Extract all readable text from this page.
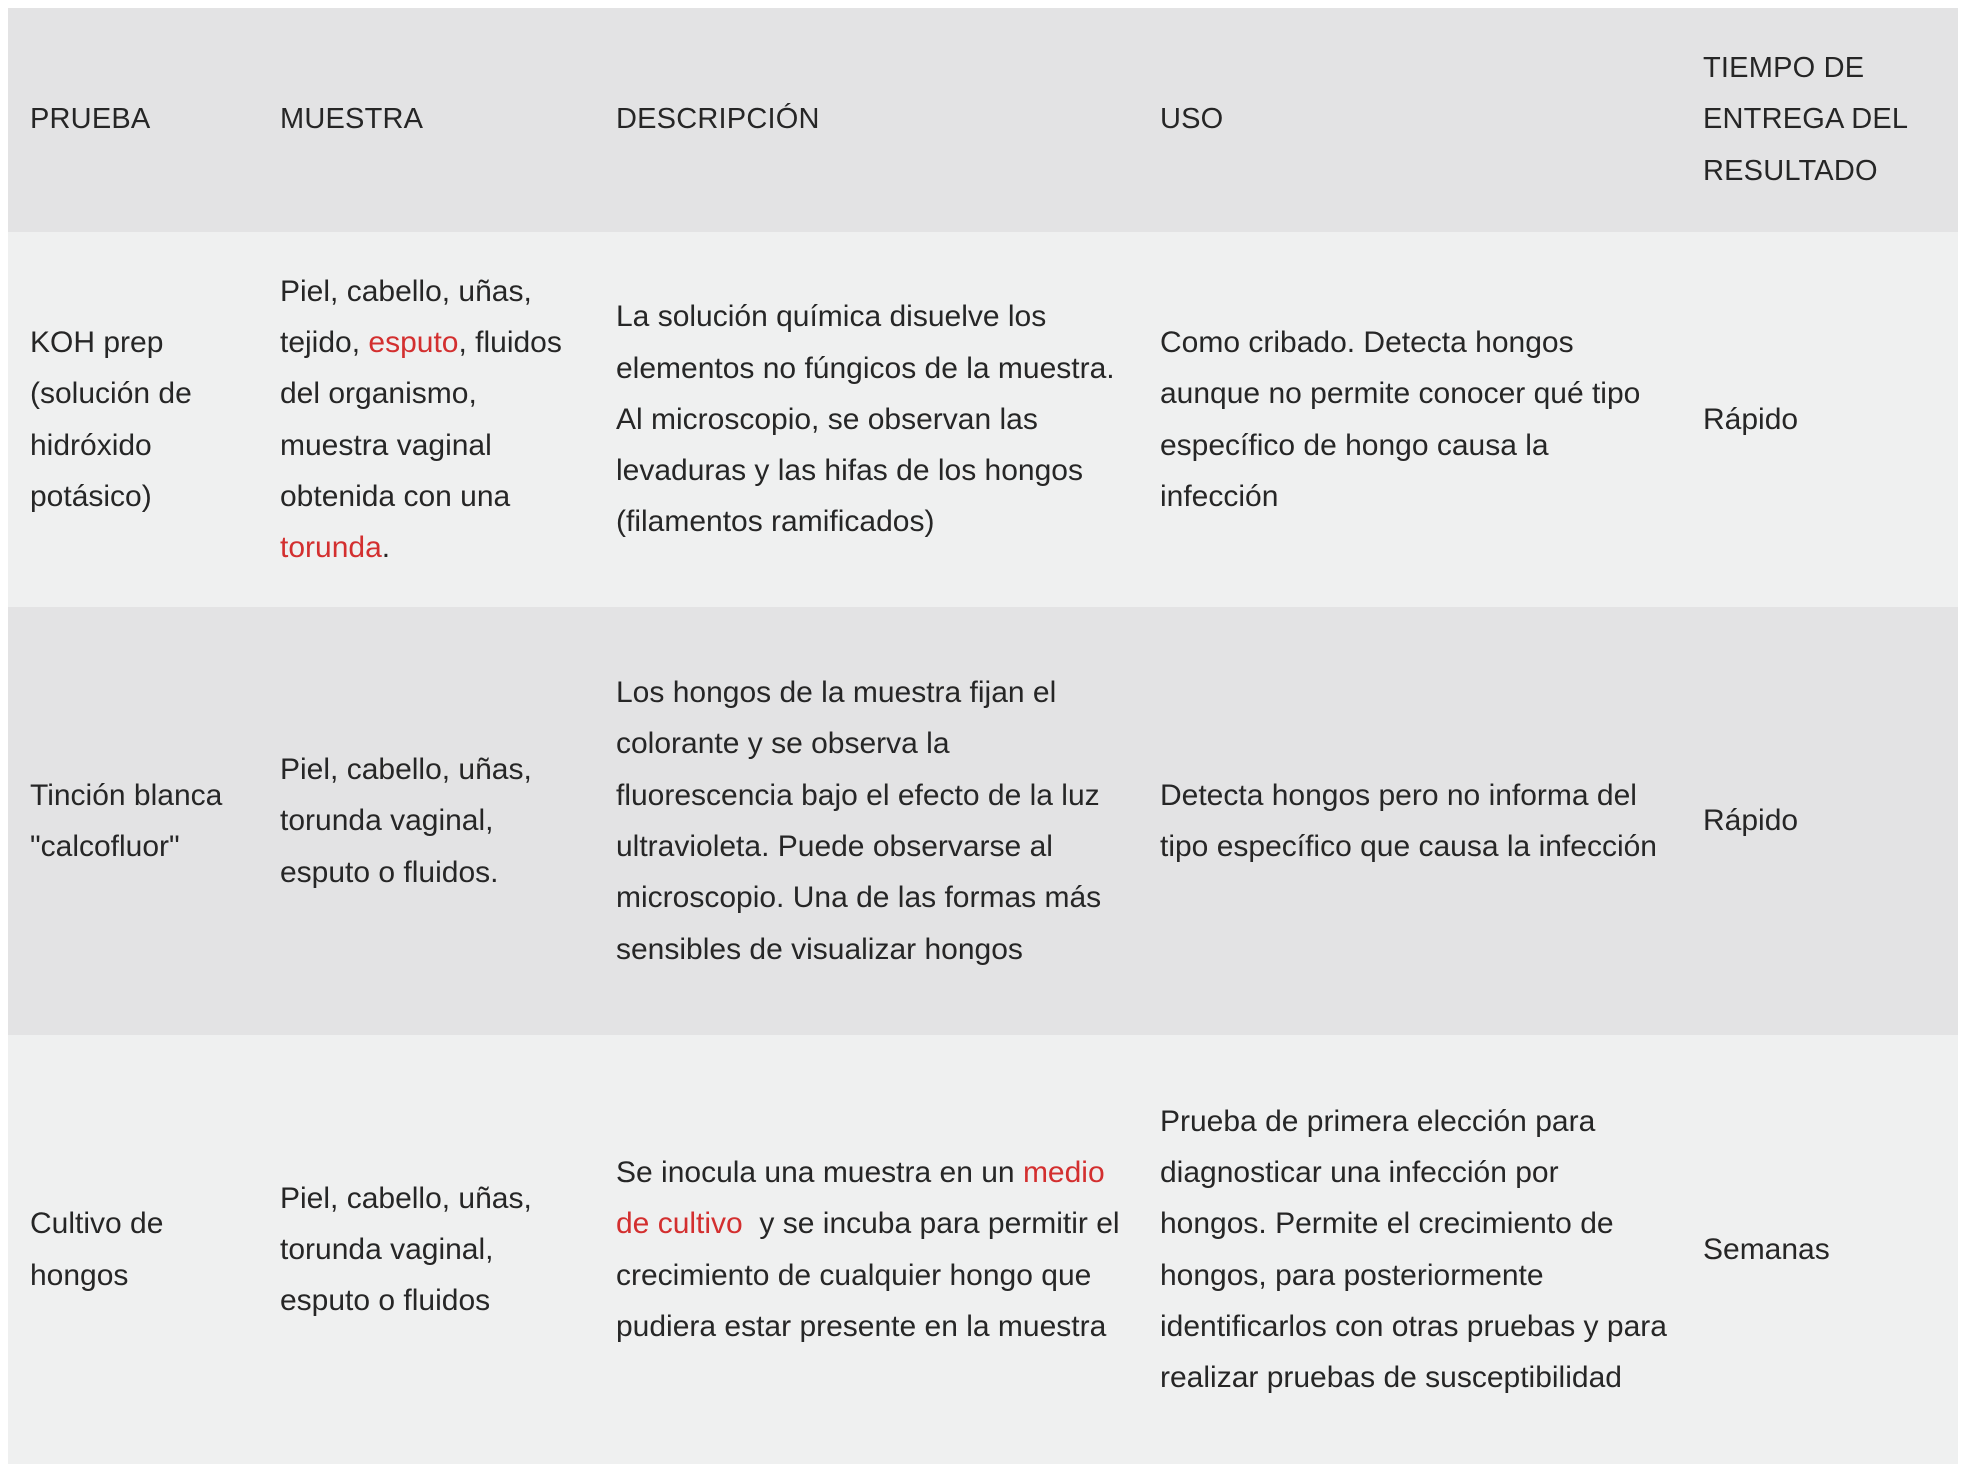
PRUEBA	MUESTRA	DESCRIPCIÓN	USO	TIEMPO DE ENTREGA DEL RESULTADO
KOH prep (solución de hidróxido potásico)	Piel, cabello, uñas, tejido, esputo, fluidos del organismo, muestra vaginal obtenida con una torunda.	La solución química disuelve los elementos no fúngicos de la muestra. Al microscopio, se observan las levaduras y las hifas de los hongos (filamentos ramificados)	Como cribado. Detecta hongos aunque no permite conocer qué tipo específico de hongo causa la infección	Rápido
Tinción blanca "calcofluor"	Piel, cabello, uñas, torunda vaginal, esputo o fluidos.	Los hongos de la muestra fijan el colorante y se observa la fluorescencia bajo el efecto de la luz ultravioleta. Puede observarse al microscopio. Una de las formas más sensibles de visualizar hongos	Detecta hongos pero no informa del tipo específico que causa la infección	Rápido
Cultivo de hongos	Piel, cabello, uñas, torunda vaginal, esputo o fluidos	Se inocula una muestra en un medio de cultivo  y se incuba para permitir el crecimiento de cualquier hongo que pudiera estar presente en la muestra	Prueba de primera elección para diagnosticar una infección por hongos. Permite el crecimiento de hongos, para posteriormente identificarlos con otras pruebas y para realizar pruebas de susceptibilidad	Semanas
